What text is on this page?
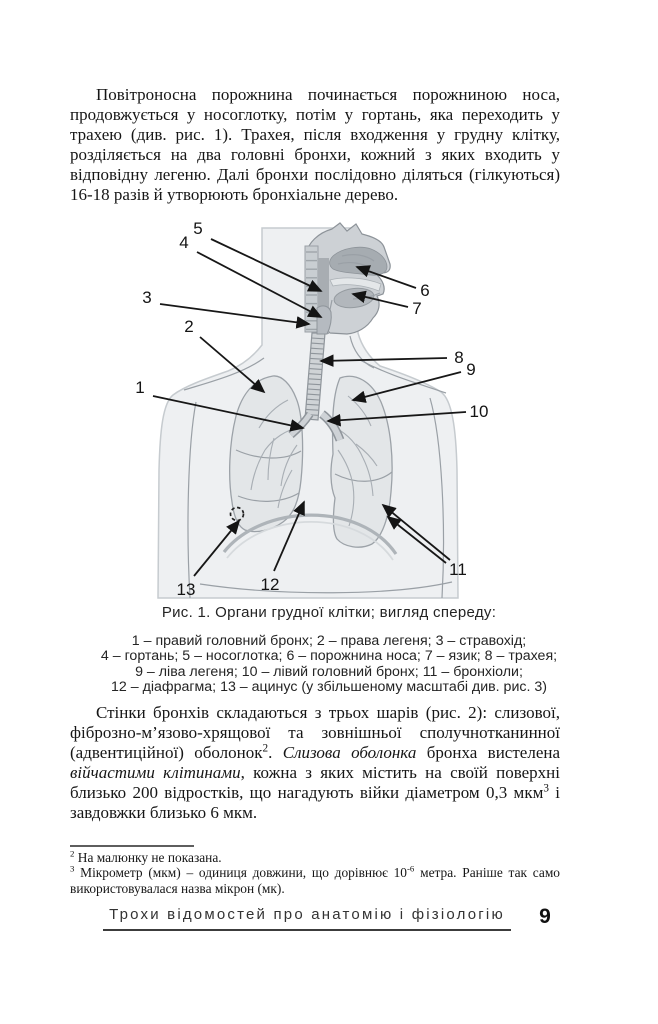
Повітроносна порожнина починається порожниною носа, продовжується у носоглотку, потім у гортань, яка переходить у трахею (див. рис. 1). Трахея, після входження у грудну клітку, розділяється на два головні бронхи, кожний з яких входить у відповідну легеню. Далі бронхи послідовно діляться (гілкуються) 16-18 разів й утворюють бронхіальне дерево.

1
2
3
4
5
6
7
8
9
10
11
12
13
Рис. 1. Органи грудної клітки; вигляд спереду:
1 – правий головний бронх; 2 – права легеня; 3 – стравохід;
4 – гортань; 5 – носоглотка; 6 – порожнина носа; 7 – язик; 8 – трахея;
9 – ліва легеня; 10 – лівий головний бронх; 11 – бронхіоли;
12 – діафрагма; 13 – ацинус (у збільшеному масштабі див. рис. 3)

Стінки бронхів складаються з трьох шарів (рис. 2): слизової, фіброзно-м’язово-хрящової та зовнішньої сполучнотканинної (адвентиційної) оболонок$^2$. Слизова оболонка бронха вистелена війчастими клітинами, кожна з яких містить на своїй поверхні близько 200 відростків, що нагадують війки діаметром 0,3 мкм$^3$ і завдовжки близько 6 мкм.

$^2$ На малюнку не показана.

$^3$ Мікрометр (мкм) – одиниця довжини, що дорівнює $10^{-6}$ метра. Раніше так само використовувалася назва мікрон (мк).

Трохи відомостей про анатомію і фізіологію	9
